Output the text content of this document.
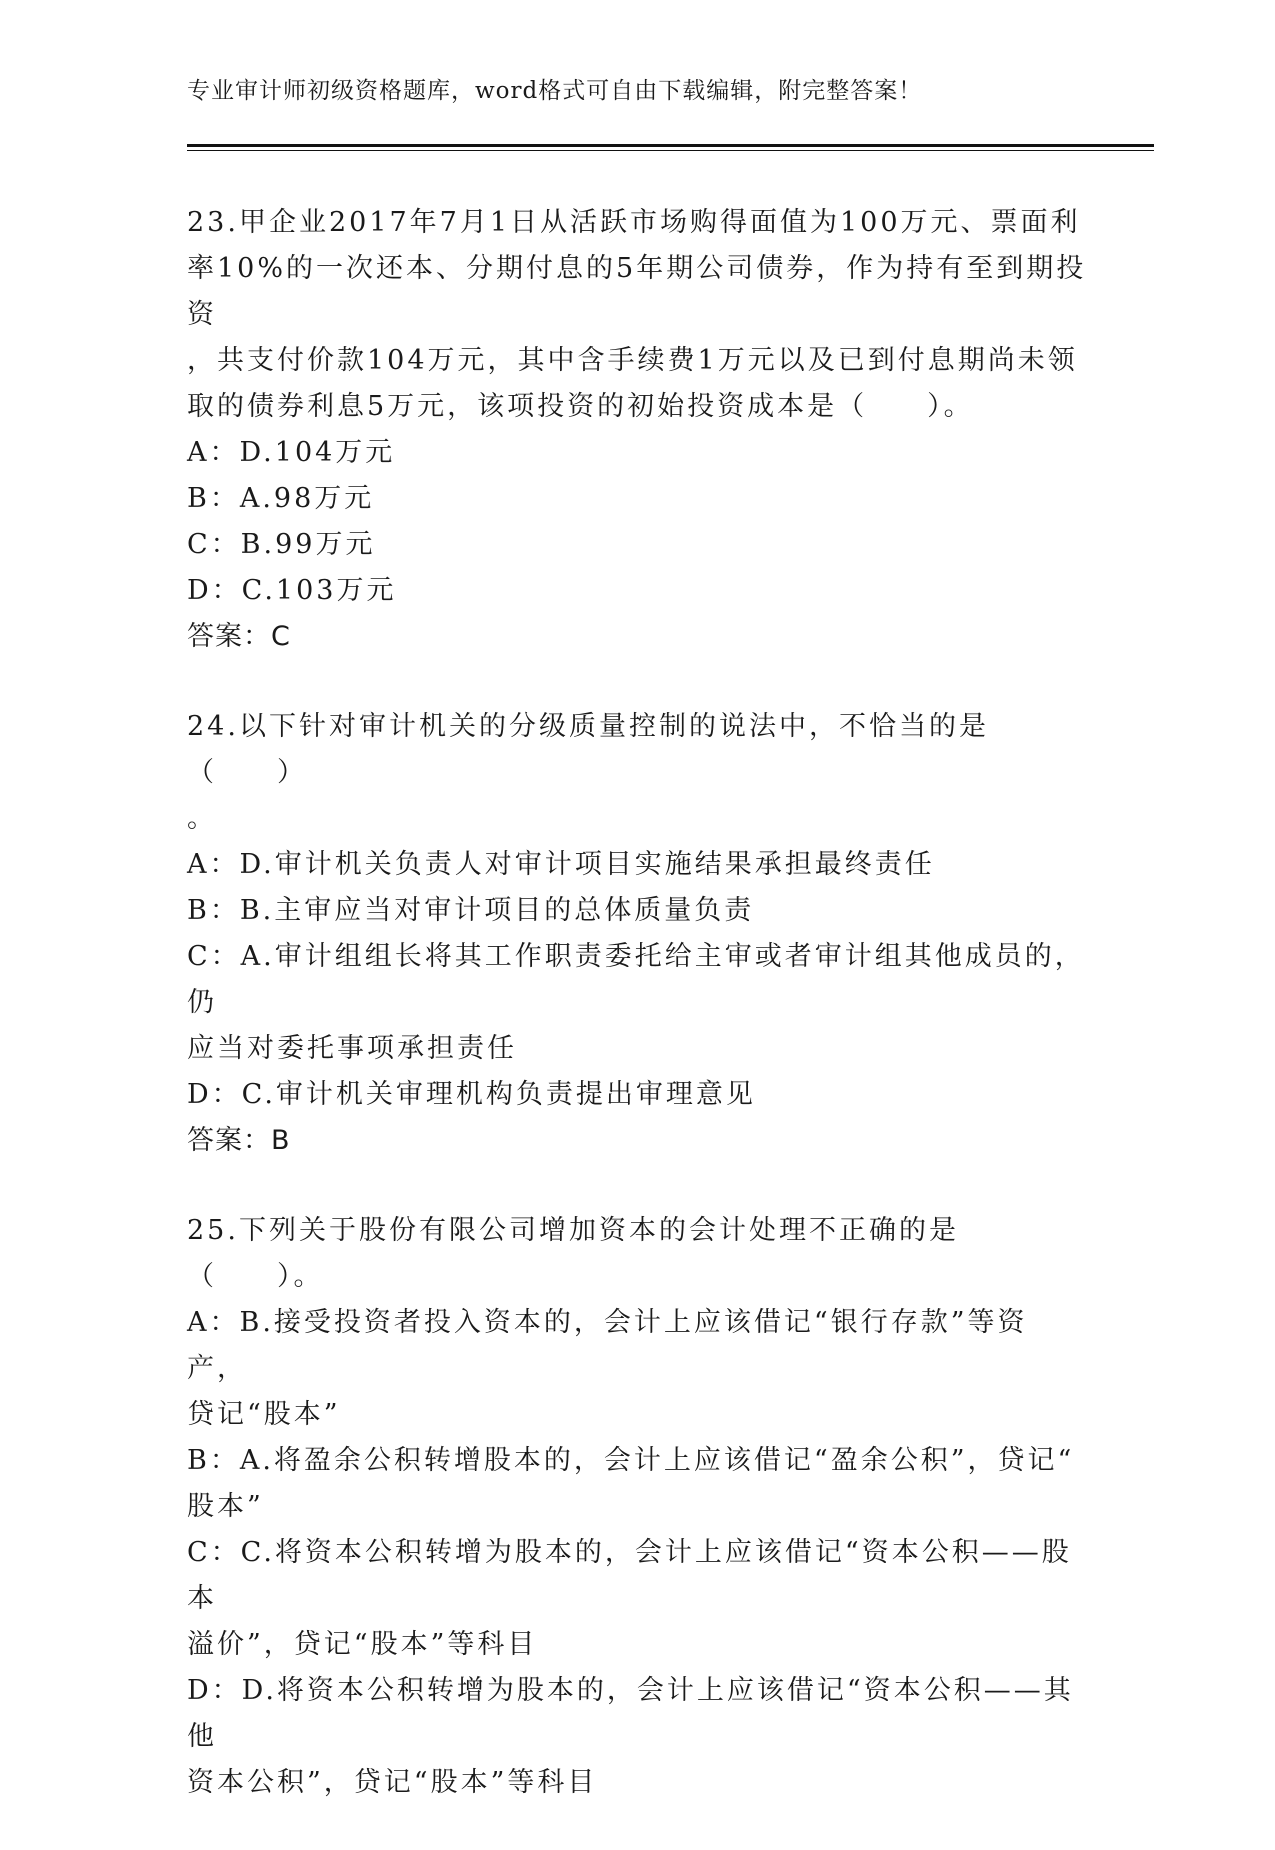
专业审计师初级资格题库，word格式可自由下载编辑，附完整答案！
23.甲企业2017年7月1日从活跃市场购得面值为100万元、票面利
率10%的一次还本、分期付息的5年期公司债券，作为持有至到期投资
，共支付价款104万元，其中含手续费1万元以及已到付息期尚未领
取的债券利息5万元，该项投资的初始投资成本是（　　）。
A：D.104万元
B：A.98万元
C：B.99万元
D：C.103万元
答案：C
24.以下针对审计机关的分级质量控制的说法中，不恰当的是（　　）
。
A：D.审计机关负责人对审计项目实施结果承担最终责任
B：B.主审应当对审计项目的总体质量负责
C：A.审计组组长将其工作职责委托给主审或者审计组其他成员的，仍
应当对委托事项承担责任
D：C.审计机关审理机构负责提出审理意见
答案：B
25.下列关于股份有限公司增加资本的会计处理不正确的是（　　）。
A：B.接受投资者投入资本的，会计上应该借记“银行存款”等资产，
贷记“股本”
B：A.将盈余公积转增股本的，会计上应该借记“盈余公积”，贷记“
股本”
C：C.将资本公积转增为股本的，会计上应该借记“资本公积——股本
溢价”，贷记“股本”等科目
D：D.将资本公积转增为股本的，会计上应该借记“资本公积——其他
资本公积”，贷记“股本”等科目
